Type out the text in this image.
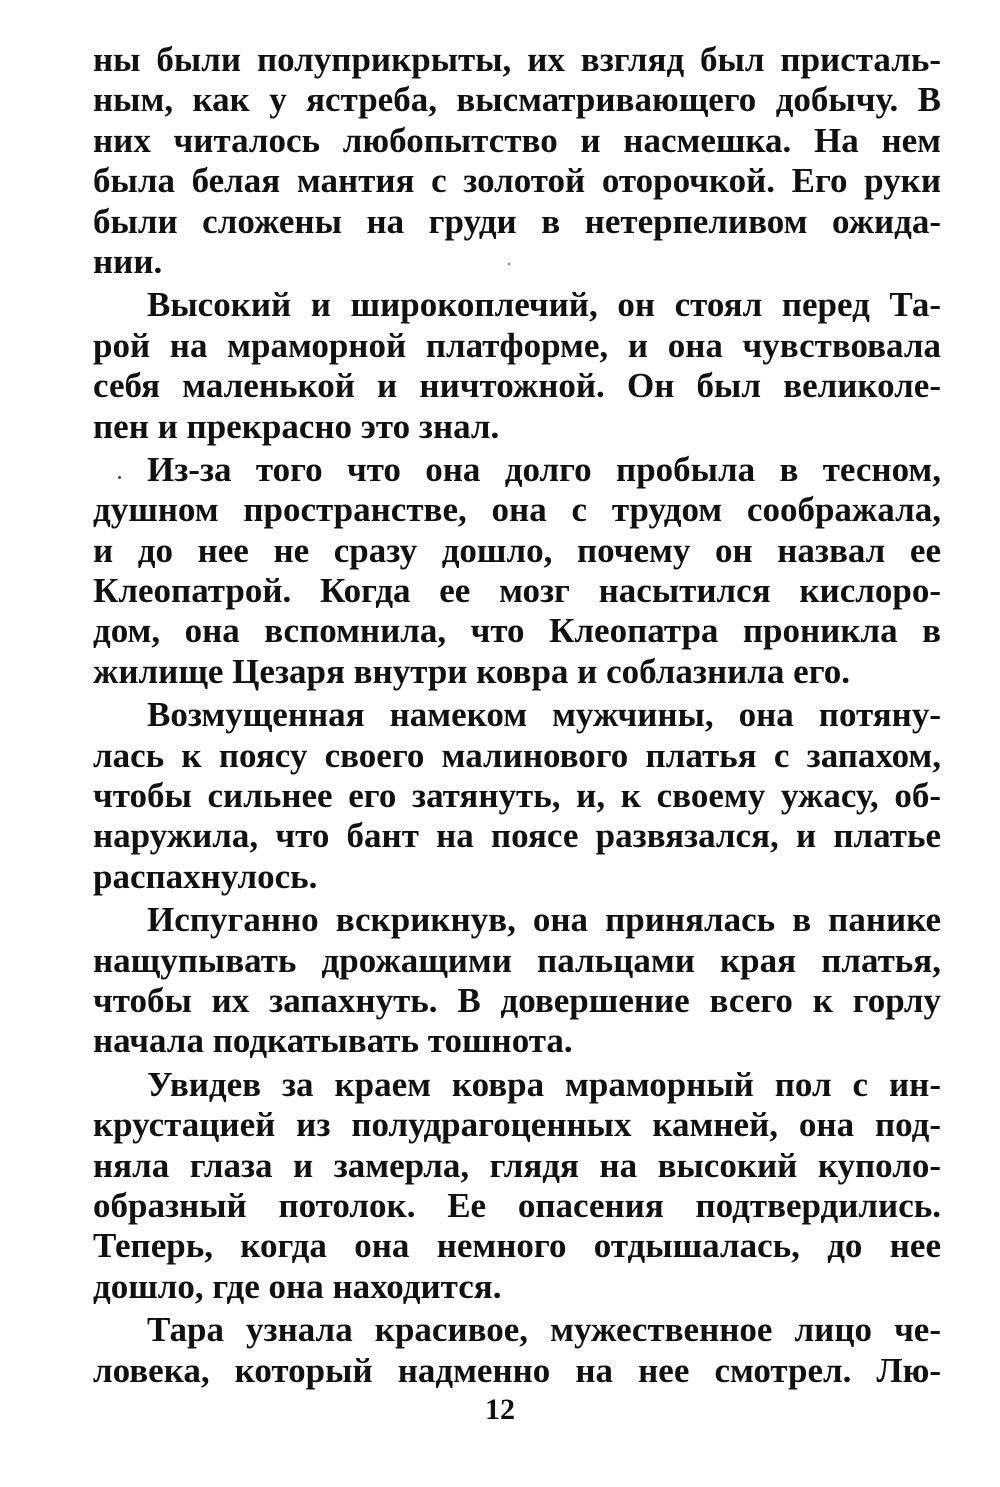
ны были полуприкрыты, их взгляд был присталь-
ным, как у ястреба, высматривающего добычу. В
них читалось любопытство и насмешка. На нем
была белая мантия с золотой оторочкой. Его руки
были сложены на груди в нетерпеливом ожида-
нии.
Высокий и широкоплечий, он стоял перед Та-
рой на мраморной платформе, и она чувствовала
себя маленькой и ничтожной. Он был великоле-
пен и прекрасно это знал.
Из-за того что она долго пробыла в тесном,
душном пространстве, она с трудом соображала,
и до нее не сразу дошло, почему он назвал ее
Клеопатрой. Когда ее мозг насытился кислоро-
дом, она вспомнила, что Клеопатра проникла в
жилище Цезаря внутри ковра и соблазнила его.
Возмущенная намеком мужчины, она потяну-
лась к поясу своего малинового платья с запахом,
чтобы сильнее его затянуть, и, к своему ужасу, об-
наружила, что бант на поясе развязался, и платье
распахнулось.
Испуганно вскрикнув, она принялась в панике
нащупывать дрожащими пальцами края платья,
чтобы их запахнуть. В довершение всего к горлу
начала подкатывать тошнота.
Увидев за краем ковра мраморный пол с ин-
крустацией из полудрагоценных камней, она под-
няла глаза и замерла, глядя на высокий куполо-
образный потолок. Ее опасения подтвердились.
Теперь, когда она немного отдышалась, до нее
дошло, где она находится.
Тара узнала красивое, мужественное лицо че-
ловека, который надменно на нее смотрел. Лю-
12
